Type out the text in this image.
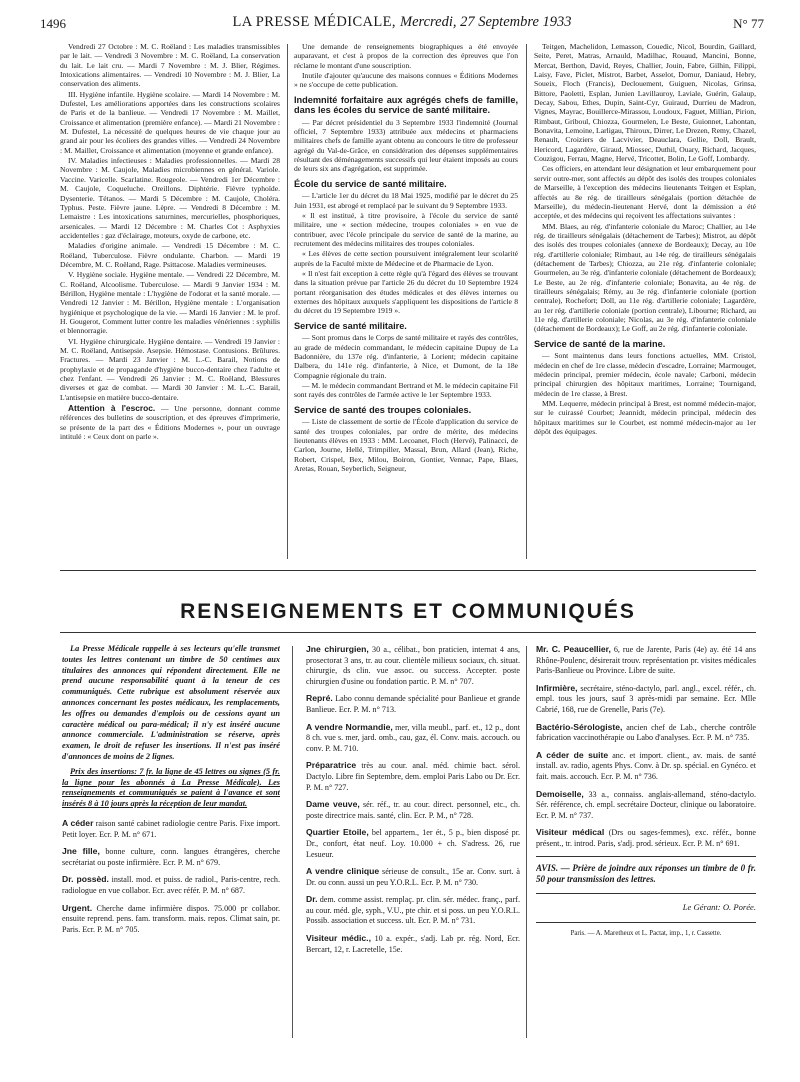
1496	LA PRESSE MÉDICALE, Mercredi, 27 Septembre 1933	N° 77

Vendredi 27 Octobre : M. C. Roëland : Les maladies transmissibles par le lait. — Vendredi 3 Novembre : M. C. Roëland, La conservation du lait. Le lait cru. — Mardi 7 Novembre : M. J. Blier, Régimes. Intoxications alimentaires. — Vendredi 10 Novembre : M. J. Blier, La conservation des aliments.

III. Hygiène infantile. Hygiène scolaire. — Mardi 14 Novembre : M. Dufestel, Les améliorations apportées dans les constructions scolaires de Paris et de la banlieue. — Vendredi 17 Novembre : M. Maillet, Croissance et alimentation (première enfance). — Mardi 21 Novembre : M. Dufestel, La nécessité de quelques heures de vie chaque jour au grand air pour les écoliers des grandes villes. — Vendredi 24 Novembre : M. Maillet, Croissance et alimentation (moyenne et grande enfance).

IV. Maladies infectieuses : Maladies professionnelles. — Mardi 28 Novembre : M. Caujole, Maladies microbiennes en général. Variole. Vaccine. Varicelle. Scarlatine. Rougeole. — Vendredi 1er Décembre : M. Caujole, Coqueluche. Oreillons. Diphtérie. Fièvre typhoïde. Dysenterie. Tétanos. — Mardi 5 Décembre : M. Caujole, Choléra. Typhus. Peste. Fièvre jaune. Lèpre. — Vendredi 8 Décembre : M. Lemaistre : Les intoxications saturnines, mercurielles, phosphoriques, arsenicales. — Mardi 12 Décembre : M. Charles Cot : Asphyxies accidentelles : gaz d'éclairage, moteurs, oxyde de carbone, etc.

Maladies d'origine animale. — Vendredi 15 Décembre : M. C. Roëland, Tuberculose. Fièvre ondulante. Charbon. — Mardi 19 Décembre, M. C. Roëland, Rage. Psittacose. Maladies vermineuses.

V. Hygiène sociale. Hygiène mentale. — Vendredi 22 Décembre, M. C. Roëland, Alcoolisme. Tuberculose. — Mardi 9 Janvier 1934 : M. Bérillon, Hygiène mentale : L'hygiène de l'odorat et la santé morale. — Vendredi 12 Janvier : M. Bérillon, Hygiène mentale : L'organisation hygiénique et psychologique de la vie. — Mardi 16 Janvier : M. le prof. H. Gougerot, Comment lutter contre les maladies vénériennes : syphilis et blennorragie.

VI. Hygiène chirurgicale. Hygiène dentaire. — Vendredi 19 Janvier : M. C. Roëland, Antisepsie. Asepsie. Hémostase. Contusions. Brûlures. Fractures. — Mardi 23 Janvier : M. L.-C. Barail, Notions de prophylaxie et de propagande d'hygiène bucco-dentaire chez l'adulte et chez l'enfant. — Vendredi 26 Janvier : M. C. Roëland, Blessures diverses et gaz de combat. — Mardi 30 Janvier : M. L.-C. Barail, L'antisepsie en matière bucco-dentaire.

Attention à l'escroc. — Une personne, donnant comme références des bulletins de souscription, et des épreuves d'imprimerie, se présente de la part des « Éditions Modernes », pour un ouvrage intitulé : « Ceux dont on parle ».

Une demande de renseignements biographiques a été envoyée auparavant, et c'est à propos de la correction des épreuves que l'on réclame le montant d'une souscription.

Inutile d'ajouter qu'aucune des maisons connues « Éditions Modernes » ne s'occupe de cette publication.

Indemnité forfaitaire aux agrégés chefs de famille, dans les écoles du service de santé militaire.

— Par décret présidentiel du 3 Septembre 1933 l'indemnité (Journal officiel, 7 Septembre 1933) attribuée aux médecins et pharmaciens militaires chefs de famille ayant obtenu au concours le titre de professeur agrégé du Val-de-Grâce, en considération des dépenses supplémentaires résultant des déménagements successifs qui leur étaient imposés au cours de leurs six ans d'agrégation, est supprimée.

École du service de santé militaire.

— L'article 1er du décret du 18 Mai 1925, modifié par le décret du 25 Juin 1931, est abrogé et remplacé par le suivant du 9 Septembre 1933.

« Il est institué, à titre provisoire, à l'école du service de santé militaire, une « section médecine, troupes coloniales » en vue de contribuer, avec l'école principale du service de santé de la marine, au recrutement des médecins militaires des troupes coloniales.

« Les élèves de cette section poursuivent intégralement leur scolarité auprès de la Faculté mixte de Médecine et de Pharmacie de Lyon.

« Il n'est fait exception à cette règle qu'à l'égard des élèves se trouvant dans la situation prévue par l'article 26 du décret du 10 Septembre 1924 portant réorganisation des études médicales et des élèves internes ou externes des hôpitaux auxquels s'appliquent les dispositions de l'article 8 du décret du 19 Septembre 1919 ».

Service de santé militaire.

— Sont promus dans le Corps de santé militaire et rayés des contrôles, au grade de médecin commandant, le médecin capitaine Dupuy de La Badonnière, du 137e rég. d'infanterie, à Lorient; médecin capitaine Dalbera, du 141e rég. d'infanterie, à Nice, et Dumont, de la 18e Compagnie régionale du train.

— M. le médecin commandant Bertrand et M. le médecin capitaine Fil sont rayés des contrôles de l'armée active le 1er Septembre 1933.

Service de santé des troupes coloniales.

— Liste de classement de sortie de l'École d'application du service de santé des troupes coloniales, par ordre de mérite, des médecins lieutenants élèves en 1933 : MM. Lecoanet, Floch (Hervé), Palinacci, de Carlon, Journe, Hellé, Trimpiller, Massal, Brun, Allard (Jean), Riche, Robert, Crispel, Bex, Milou, Boiron, Gontier, Vennac, Pape, Blaes, Aretas, Rouan, Seyberlich, Seigneur,

Teitgen, Machelidon, Lemasson, Couedic, Nicol, Bourdin, Gaillard, Seite, Peret, Matras, Arnauld, Madilhac, Rouaud, Mancini, Bonne, Mercat, Berthon, David, Reyes, Challier, Jouin, Fabre, Gilhin, Filippi, Laisy, Fave, Piclet, Mistrot, Barbet, Asselot, Domur, Daniaud, Hebry, Soueix, Floch (Francis), Declouement, Guiguen, Nicolas, Grinsa, Bittore, Paoletti, Esplan, Junien Lavillauroy, Laviale, Guérin, Galaup, Decay, Sabou, Ethes, Dupin, Saint-Cyr, Guiraud, Durrieu de Madron, Vignes, Mayrac, Bouillerce-Mirassou, Loudoux, Faguet, Millian, Pirion, Rimbaut, Griboul, Chiozza, Gourmelen, Le Beste, Guionnet, Lahontan, Bonavita, Lemoine, Larligau, Thiroux, Dirrer, Le Drezen, Remy, Chazel, Renault, Croiziers de Lacvivier, Deauclara, Gellie, Doll, Brault, Hericord, Lagardère, Giraud, Miossec, Duthil, Ouary, Richard, Jacques, Couzigou, Ferrau, Magne, Hervé, Tricottet, Bolin, Le Goff, Lombardy.

Ces officiers, en attendant leur désignation et leur embarquement pour servir outre-mer, sont affectés au dépôt des isolés des troupes coloniales de Marseille, à l'exception des médecins lieutenants Teitgen et Esplan, affectés au 8e rég. de tirailleurs sénégalais (portion détachée de Marseille), du médecin-lieutenant Hervé, dont la démission a été acceptée, et des médecins qui reçoivent les affectations suivantes :

MM. Blaes, au rég. d'infanterie coloniale du Maroc; Challier, au 14e rég. de tirailleurs sénégalais (détachement de Tarbes); Mistrot, au dépôt des isolés des troupes coloniales (annexe de Bordeaux); Decay, au 10e rég. d'artillerie coloniale; Rimbaut, au 14e rég. de tirailleurs sénégalais (détachement de Tarbes); Chiozza, au 21e rég. d'infanterie coloniale; Gourmelen, au 3e rég. d'infanterie coloniale (détachement de Bordeaux); Le Beste, au 2e rég. d'infanterie coloniale; Bonavita, au 4e rég. de tirailleurs sénégalais; Rémy, au 3e rég. d'infanterie coloniale (portion centrale), Rochefort; Doll, au 11e rég. d'artillerie coloniale; Lagardère, au 1er rég. d'artillerie coloniale (portion centrale), Libourne; Richard, au 11e rég. d'artillerie coloniale; Nicolas, au 3e rég. d'infanterie coloniale (détachement de Bordeaux); Le Goff, au 2e rég. d'infanterie coloniale.

Service de santé de la marine.

— Sont maintenus dans leurs fonctions actuelles, MM. Cristol, médecin en chef de 1re classe, médecin d'escadre, Lorraine; Marmouget, médecin principal, premier médecin, école navale; Carboni, médecin principal chirurgien des hôpitaux maritimes, Lorraine; Tournigand, médecin de 1re classe, à Brest.

MM. Lequerre, médecin principal à Brest, est nommé médecin-major, sur le cuirassé Courbet; Jeannidt, médecin principal, médecin des hôpitaux maritimes sur le Courbet, est nommé médecin-major au 1er dépôt des équipages.

RENSEIGNEMENTS ET COMMUNIQUÉS

La Presse Médicale rappelle à ses lecteurs qu'elle transmet toutes les lettres contenant un timbre de 50 centimes aux titulaires des annonces qui répondent directement. Elle ne prend aucune responsabilité quant à la teneur de ces communiqués. Cette rubrique est absolument réservée aux annonces concernant les postes médicaux, les remplacements, les offres ou demandes d'emplois ou de cessions ayant un caractère médical ou para-médical; il n'y est inséré aucune annonce commerciale. L'administration se réserve, après examen, le droit de refuser les insertions. Il n'est pas inséré d'annonces de moins de 2 lignes.

Prix des insertions: 7 fr. la ligne de 45 lettres ou signes (5 fr. la ligne pour les abonnés à La Presse Médicale). Les renseignements et communiqués se paient à l'avance et sont insérés 8 à 10 jours après la réception de leur mandat.

A céder raison santé cabinet radiologie centre Paris. Fixe import. Petit loyer. Ecr. P. M. n° 671.

Jne fille, bonne culture, conn. langues étrangères, cherche secrétariat ou poste infirmière. Ecr. P. M. n° 679.

Dr. possèd. install. mod. et puiss. de radiol., Paris-centre, rech. radiologue en vue collabor. Ecr. avec référ. P. M. n° 687.

Urgent. Cherche dame infirmière dispos. 75.000 pr collabor. ensuite reprend. pens. fam. transform. mais. repos. Climat sain, pr. Paris. Ecr. P. M. n° 705.

Jne chirurgien, 30 a., célibat., bon praticien, internat 4 ans, prosectorat 3 ans, tr. au cour. clientèle milieux sociaux, ch. situat. chirurgie, ds clin. vue assoc. ou success. Accepter. poste chirurgien d'usine ou fondation partic. P. M. n° 707.

Repré. Labo connu demande spécialité pour Banlieue et grande Banlieue. Ecr. P. M. n° 713.

A vendre Normandie, mer, villa meubl., parf. et., 12 p., dont 8 ch. vue s. mer, jard. omb., cau, gaz, él. Conv. mais. accouch. ou conv. P. M. 710.

Préparatrice très au cour. anal. méd. chimie bact. sérol. Dactylo. Libre fin Septembre, dem. emploi Paris Labo ou Dr. Ecr. P. M. n° 727.

Dame veuve, sér. réf., tr. au cour. direct. personnel, etc., ch. poste directrice mais. santé, clin. Ecr. P. M., n° 728.

Quartier Etoile, bel appartem., 1er ét., 5 p., bien disposé pr. Dr., confort, état neuf. Loy. 10.000 + ch. S'adress. 26, rue Lesueur.

A vendre clinique sérieuse de consult., 15e ar. Conv. surt. à Dr. ou conn. aussi un peu Y.O.R.L. Ecr. P. M. n° 730.

Dr. dem. comme assist. remplaç. pr. clin. sér. médec. franç., parf. au cour. méd. gle, syph., V.U., pte chir. et si poss. un peu Y.O.R.L. Possib. association et success. ult. Ecr. P. M. n° 731.

Visiteur médic., 10 a. expér., s'adj. Lab pr. rég. Nord, Ecr. Bercart, 12, r. Lacretelle, 15e.

Mr. C. Peaucellier, 6, rue de Jarente, Paris (4e) ay. été 14 ans Rhône-Poulenc, désirerait trouv. représentation pr. visites médicales Paris-Banlieue ou Province. Libre de suite.

Infirmière, secrétaire, sténo-dactylo, parl. angl., excel. référ., ch. empl. tous les jours, sauf 3 après-midi par semaine. Ecr. Mlle Cabrié, 168, rue de Grenelle, Paris (7e).

Bactério-Sérologiste, ancien chef de Lab., cherche contrôle fabrication vaccinothérapie ou Labo d'analyses. Ecr. P. M. n° 735.

A céder de suite anc. et import. client., av. mais. de santé install. av. radio, agents Phys. Conv. à Dr. sp. spécial. en Gynéco. et fait. mais. accouch. Ecr. P. M. n° 736.

Demoiselle, 33 a., connaiss. anglais-allemand, sténo-dactylo. Sér. référence, ch. empl. secrétaire Docteur, clinique ou laboratoire. Ecr. P. M. n° 737.

Visiteur médical (Drs ou sages-femmes), exc. référ., bonne présent., tr. introd. Paris, s'adj. prod. sérieux. Ecr. P. M. n° 691.

AVIS. — Prière de joindre aux réponses un timbre de 0 fr. 50 pour transmission des lettres.
Le Gérant: O. Porée.
Paris. — A. Maretheux et L. Pactat, imp., 1, r. Cassette.
